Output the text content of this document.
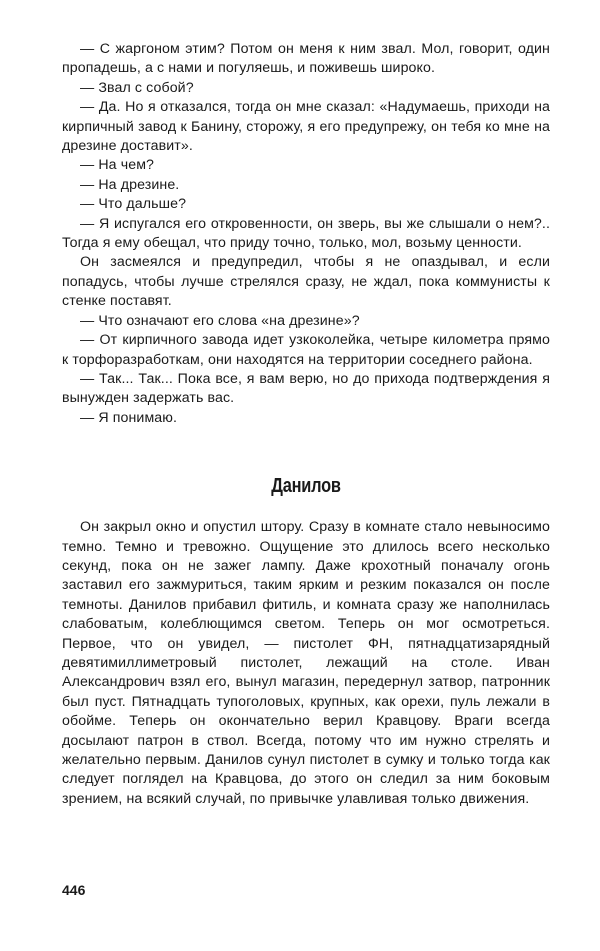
— С жаргоном этим? Потом он меня к ним звал. Мол, говорит, один пропадешь, а с нами и погуляешь, и поживешь широко.

— Звал с собой?

— Да. Но я отказался, тогда он мне сказал: «Надумаешь, приходи на кирпичный завод к Банину, сторожу, я его предупрежу, он тебя ко мне на дрезине доставит».

— На чем?

— На дрезине.

— Что дальше?

— Я испугался его откровенности, он зверь, вы же слышали о нем?.. Тогда я ему обещал, что приду точно, только, мол, возьму ценности.

Он засмеялся и предупредил, чтобы я не опаздывал, и если попадусь, чтобы лучше стрелялся сразу, не ждал, пока коммунисты к стенке поставят.

— Что означают его слова «на дрезине»?

— От кирпичного завода идет узкоколейка, четыре километра прямо к торфоразработкам, они находятся на территории соседнего района.

— Так... Так... Пока все, я вам верю, но до прихода подтверждения я вынужден задержать вас.

— Я понимаю.

Данилов

Он закрыл окно и опустил штору. Сразу в комнате стало невыносимо темно. Темно и тревожно. Ощущение это длилось всего несколько секунд, пока он не зажег лампу. Даже крохотный поначалу огонь заставил его зажмуриться, таким ярким и резким показался он после темноты. Данилов прибавил фитиль, и комната сразу же наполнилась слабоватым, колеблющимся светом. Теперь он мог осмотреться. Первое, что он увидел, — пистолет ФН, пятнадцатизарядный девятимиллиметровый пистолет, лежащий на столе. Иван Александрович взял его, вынул магазин, передернул затвор, патронник был пуст. Пятнадцать тупоголовых, крупных, как орехи, пуль лежали в обойме. Теперь он окончательно верил Кравцову. Враги всегда досылают патрон в ствол. Всегда, потому что им нужно стрелять и желательно первым. Данилов сунул пистолет в сумку и только тогда как следует поглядел на Кравцова, до этого он следил за ним боковым зрением, на всякий случай, по привычке улавливая только движения.

446
